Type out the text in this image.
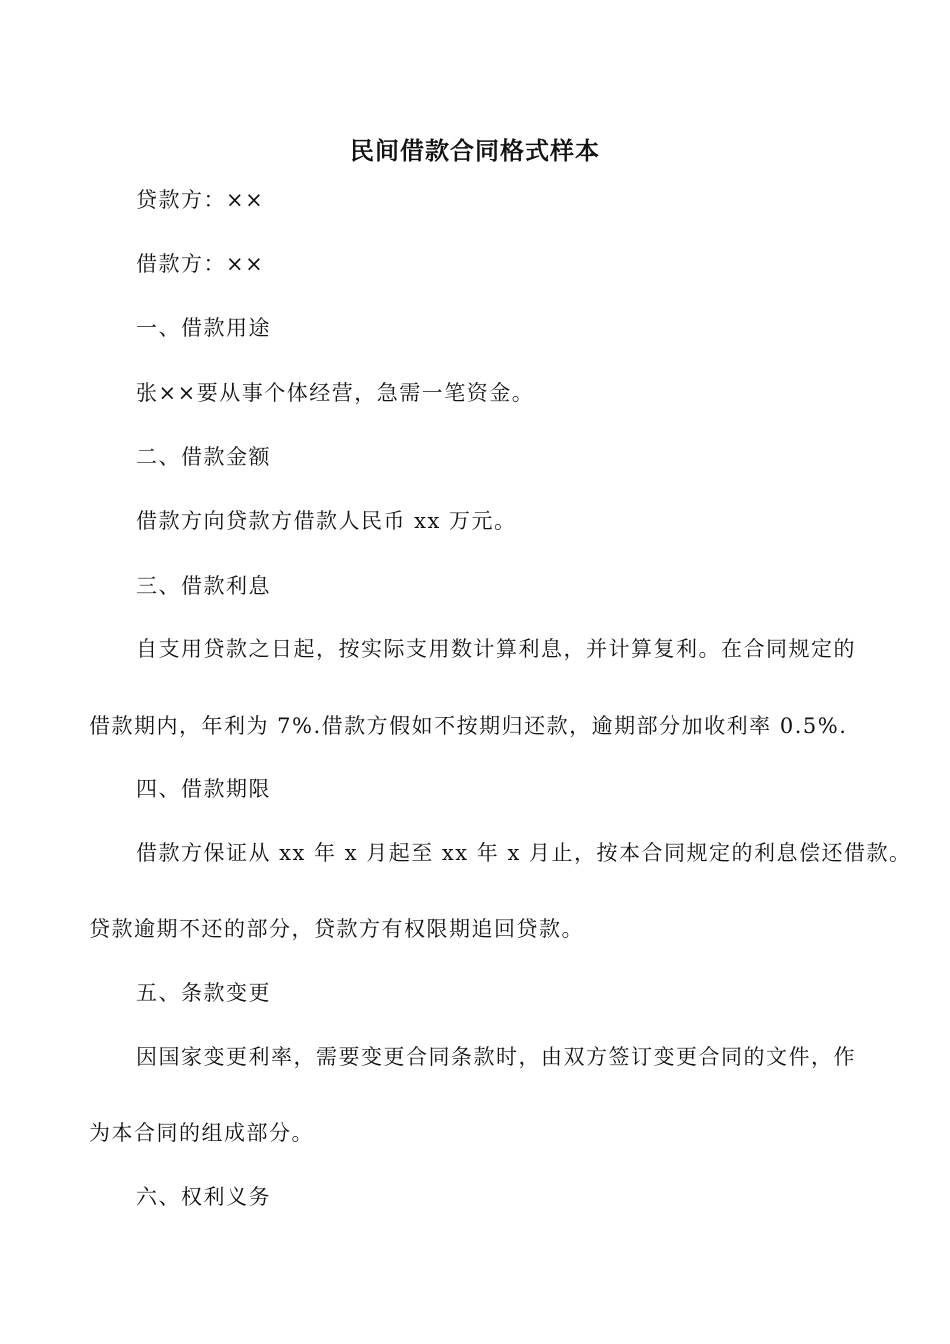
民间借款合同格式样本
贷款方：××
借款方：××
一、借款用途
张××要从事个体经营，急需一笔资金。
二、借款金额
借款方向贷款方借款人民币 xx 万元。
三、借款利息
自支用贷款之日起，按实际支用数计算利息，并计算复利。在合同规定的
借款期内，年利为 7%.借款方假如不按期归还款，逾期部分加收利率 0.5%.
四、借款期限
借款方保证从 xx 年 x 月起至 xx 年 x 月止，按本合同规定的利息偿还借款。
贷款逾期不还的部分，贷款方有权限期追回贷款。
五、条款变更
因国家变更利率，需要变更合同条款时，由双方签订变更合同的文件，作
为本合同的组成部分。
六、权利义务
